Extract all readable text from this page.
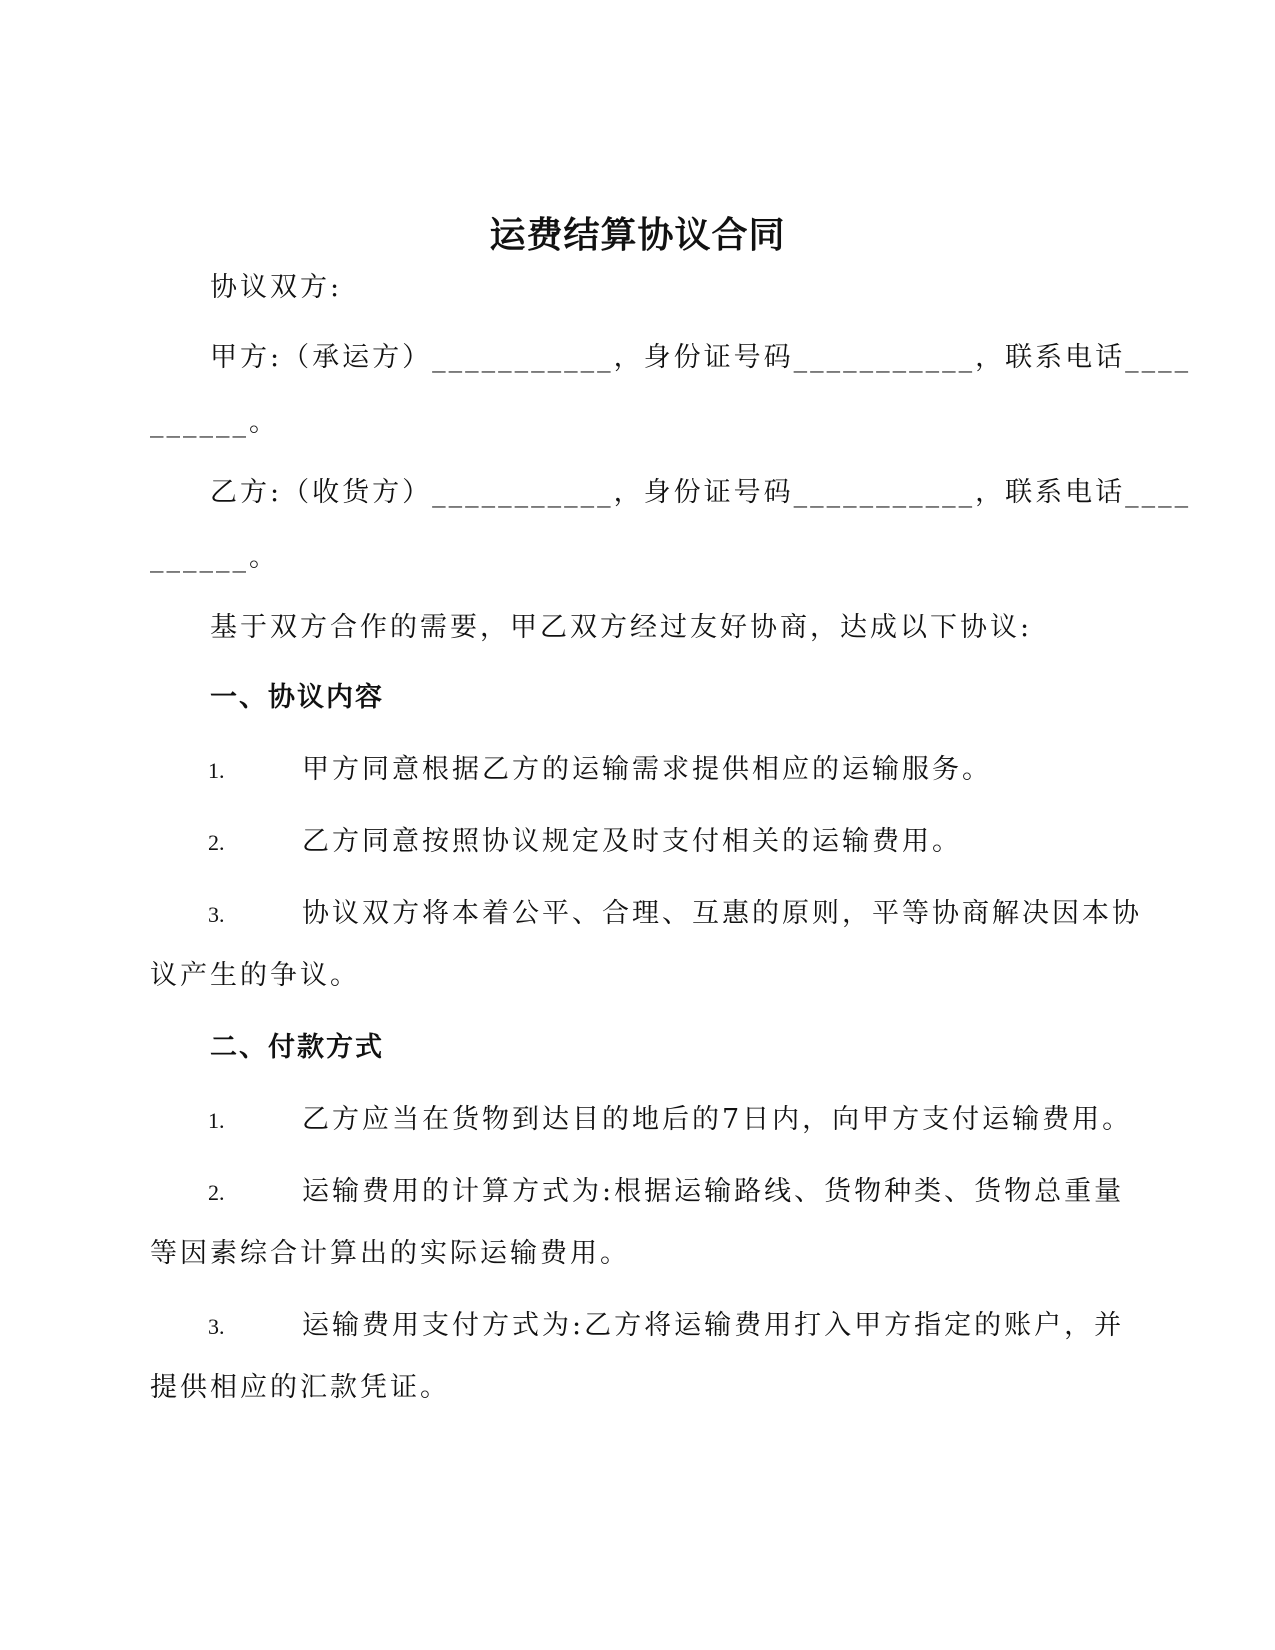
运费结算协议合同
协议双方:
甲方:（承运方）___________，身份证号码___________，联系电话____
______。
乙方:（收货方）___________，身份证号码___________，联系电话____
______。
基于双方合作的需要，甲乙双方经过友好协商，达成以下协议:
一、协议内容
1.	甲方同意根据乙方的运输需求提供相应的运输服务。
2.	乙方同意按照协议规定及时支付相关的运输费用。
3.	协议双方将本着公平、合理、互惠的原则，平等协商解决因本协
议产生的争议。
二、付款方式
1.	乙方应当在货物到达目的地后的7日内，向甲方支付运输费用。
2.	运输费用的计算方式为:根据运输路线、货物种类、货物总重量
等因素综合计算出的实际运输费用。
3.	运输费用支付方式为:乙方将运输费用打入甲方指定的账户，并
提供相应的汇款凭证。
